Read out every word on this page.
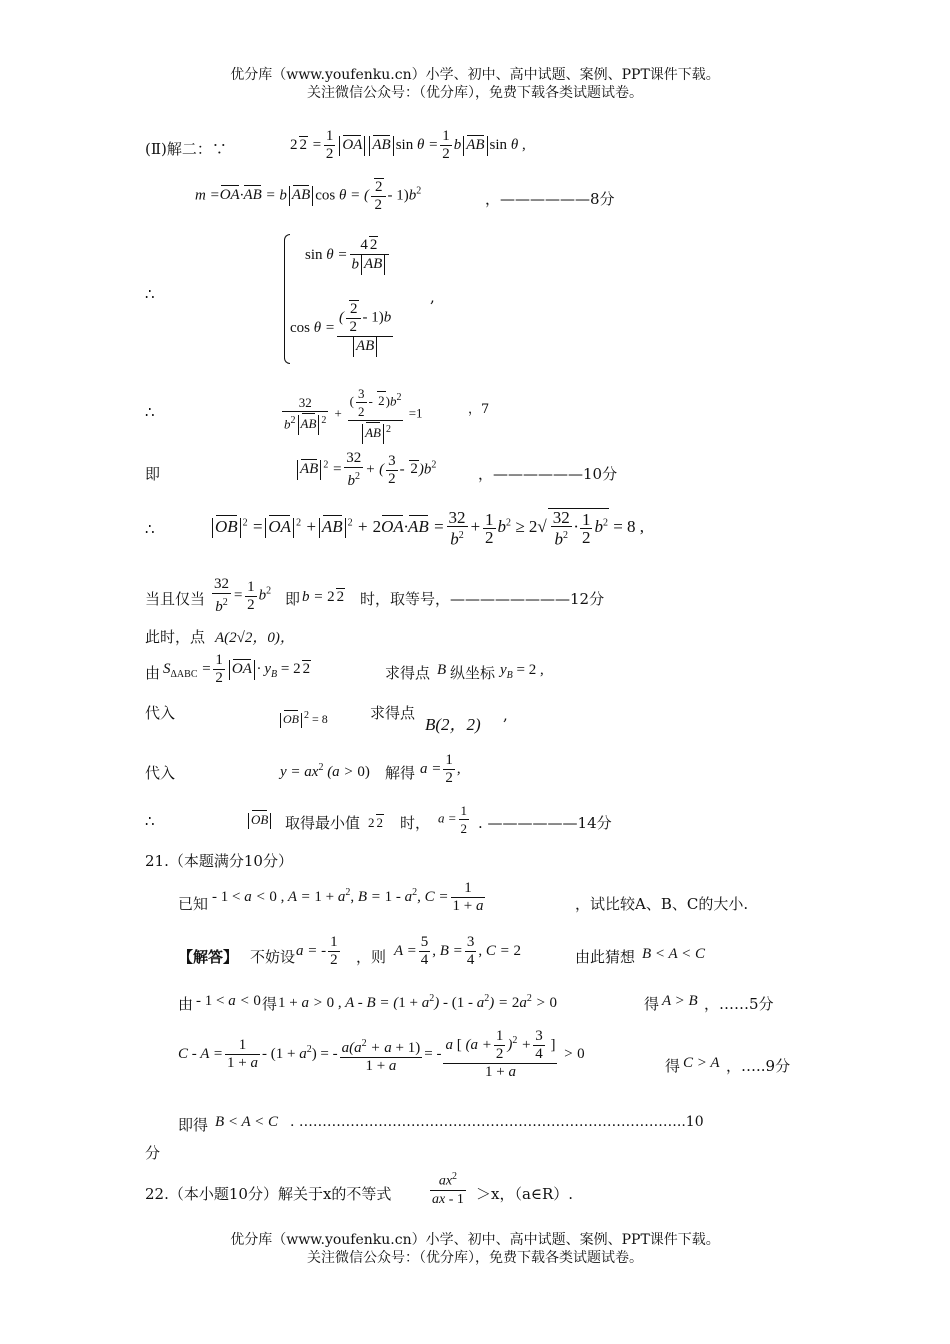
优分库（www.youfenku.cn）小学、初中、高中试题、案例、PPT课件下载。
关注微信公众号：（优分库），免费下载各类试题试卷。
(Ⅱ)解二：∵	2 $2 = \frac{1}{2}$ OA AB $\sin \theta = \frac{1}{2}$ b AB sin θ ,
m =OA·AB = b AB cos θ = ( $\frac{2}{2} - 1)b^2$	，——————8分
∴
$\sin \theta = \frac{4 2}{\text{b AB}}$
$\cos \theta = \frac{( \frac{2}{2} - 1)b}{AB}$
,
∴	$\frac{32}{b^2 AB ^2} + \frac{( \frac{3}{2} - 2)b^2}{AB ^2} =1$	，7
即	AB $^2 = \frac{32}{b^2}$ + ( $\frac{3}{2} - 2)b^2$
，——————10分
∴	OB $^2$ = OA $^2$ + AB $^2 + 2OA\cdot AB = \frac{32}{b^2} + \frac{1}{2} b^2 \ge 2√ \frac{32}{b^2} \cdot \frac{1}{2} b^2 = 8$ ,
当且仅当 $\frac{32}{b^2} = \frac{1}{2} b^2$ 即 b = 2 2 时，取等号，————————12分
此时，点 A(2√2，0)，
由 $S_{\Delta ABC} = \frac{1}{2}$ OA · $y_B = 2$ 2	求得点 B 纵坐标 $y_B = 2$ ,
代入	OB $^2$ = 8	求得点
B(2，2) ,
代入	$y = ax^2$ (a > 0) 解得 $a = \frac{1}{2}$ ,
∴	OB	取得最小值 2 2 时， $a = \frac{1}{2}$ . ——————14分
21.（本题满分10分）
已知 - 1 < a < 0 , $A = 1 + a^2$, $B = 1 - a^2$, $C = \frac{1}{1 + a}$	，试比较A、B、C的大小.
【解答】 不妨设 a = - $\frac{1}{2}$ ，则 $A = \frac{5}{4}$ , $B = \frac{3}{4}$ , C = 2	由此猜想 B < A < C
由 - 1 < a < 0 得 1 + a > 0 , $A - B = (1 + a^2) - (1 - a^2) = 2a^2 > 0$	得 A > B ，……5分
$C - A = \frac{1}{1 + a} - (1 + a^2)$ = - $\frac{a(a^2 + a + 1)}{1 + a}$ = - $\frac{a [ (a + \frac{1}{2} )^2 + \frac{3}{4} ]}{1 + a} > 0$
得 C > A ，…..9分
即得 B < A < C . ………………………………………………………………………..10
分
22.（本小题10分）解关于x的不等式	$\frac{ax^2}{ax - 1} >x$，（a∈R）.
优分库（www.youfenku.cn）小学、初中、高中试题、案例、PPT课件下载。
关注微信公众号：（优分库），免费下载各类试题试卷。
